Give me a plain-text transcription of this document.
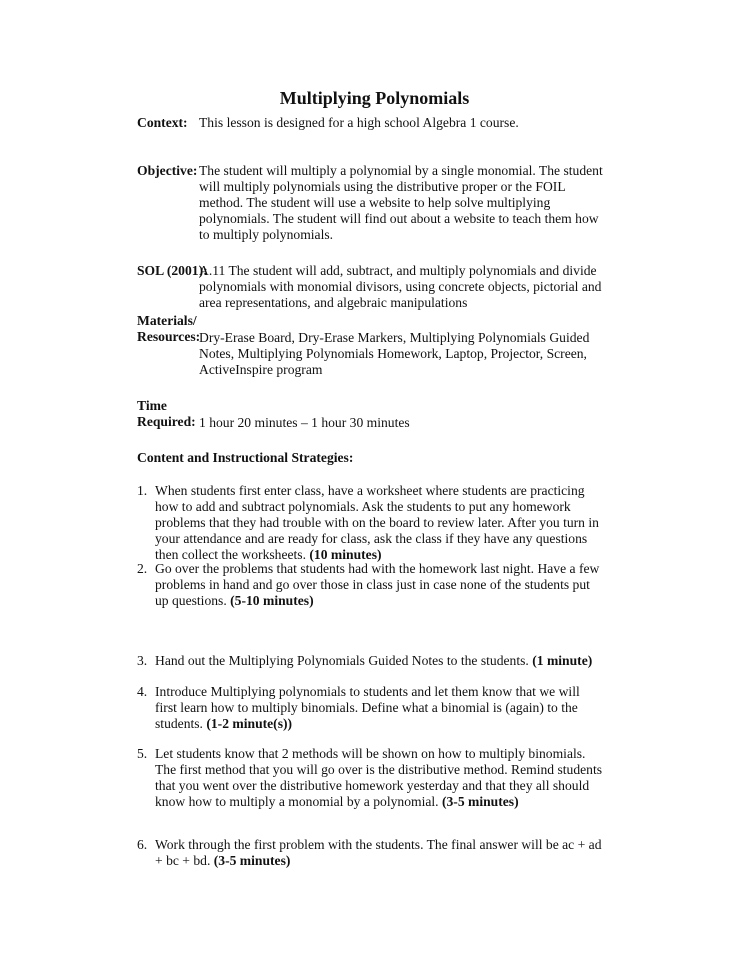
Multiplying Polynomials
Context: This lesson is designed for a high school Algebra 1 course.
Objective: The student will multiply a polynomial by a single monomial. The student
will multiply polynomials using the distributive proper or the FOIL
method. The student will use a website to help solve multiplying
polynomials. The student will find out about a website to teach them how
to multiply polynomials.
SOL (2001):
A.11 The student will add, subtract, and multiply polynomials and divide
polynomials with monomial divisors, using concrete objects, pictorial and
area representations, and algebraic manipulations
Materials/
Resources:
Dry-Erase Board, Dry-Erase Markers, Multiplying Polynomials Guided
Notes, Multiplying Polynomials Homework, Laptop, Projector, Screen,
ActiveInspire program
Time
Required: 1 hour 20 minutes – 1 hour 30 minutes
Content and Instructional Strategies:
1. When students first enter class, have a worksheet where students are practicing
how to add and subtract polynomials. Ask the students to put any homework
problems that they had trouble with on the board to review later. After you turn in
your attendance and are ready for class, ask the class if they have any questions
then collect the worksheets. (10 minutes)
2. Go over the problems that students had with the homework last night. Have a few
problems in hand and go over those in class just in case none of the students put
up questions. (5-10 minutes)
3. Hand out the Multiplying Polynomials Guided Notes to the students. (1 minute)
4. Introduce Multiplying polynomials to students and let them know that we will
first learn how to multiply binomials. Define what a binomial is (again) to the
students. (1-2 minute(s))
5. Let students know that 2 methods will be shown on how to multiply binomials.
The first method that you will go over is the distributive method. Remind students
that you went over the distributive homework yesterday and that they all should
know how to multiply a monomial by a polynomial. (3-5 minutes)
6. Work through the first problem with the students. The final answer will be ac + ad
+ bc + bd. (3-5 minutes)
